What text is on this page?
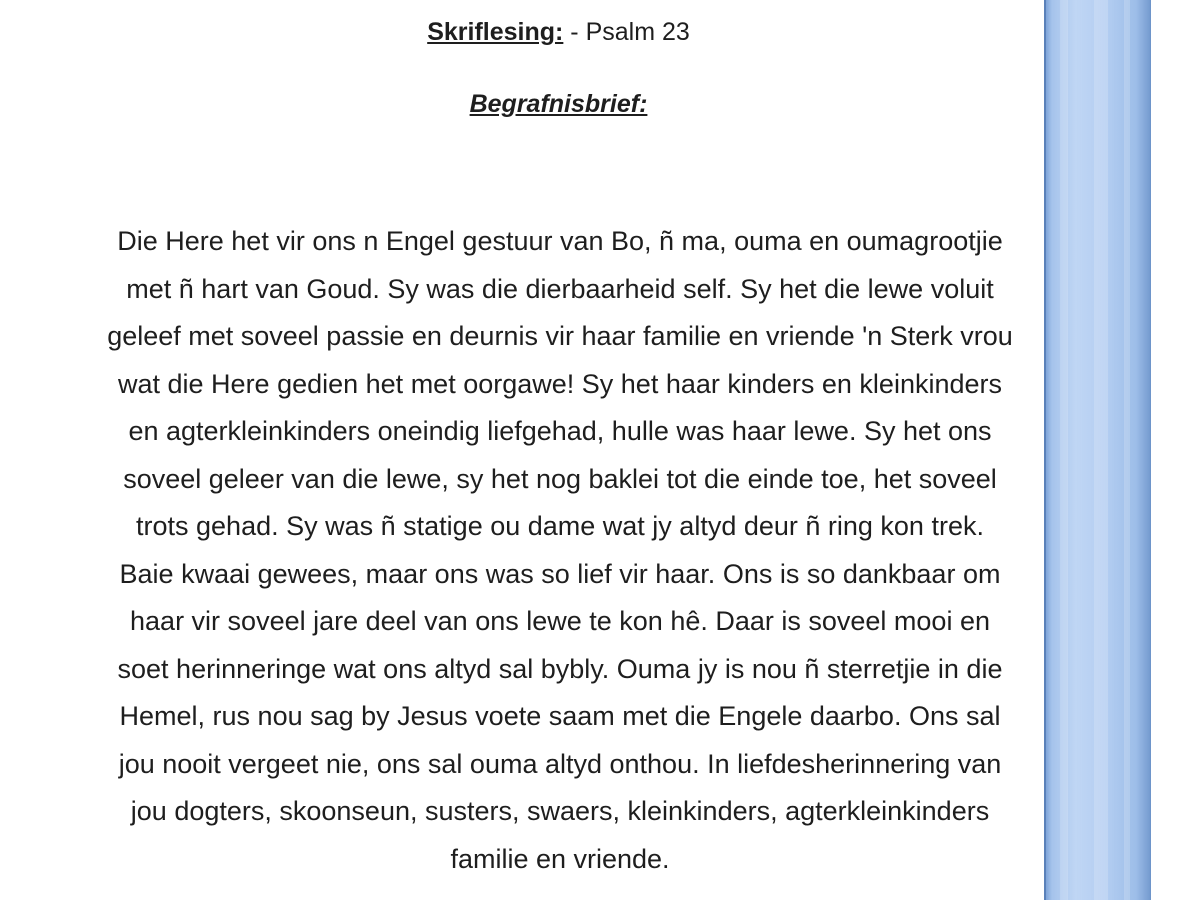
Skriflesing: - Psalm 23
Begrafnisbrief:
Die Here het vir ons n Engel gestuur van Bo, ñ ma, ouma en oumagrootjie
met ñ hart van Goud. Sy was die dierbaarheid self. Sy het die lewe voluit
geleef met soveel passie en deurnis vir haar familie en vriende 'n Sterk vrou
wat die Here gedien het met oorgawe! Sy het haar kinders en kleinkinders
en agterkleinkinders oneindig liefgehad, hulle was haar lewe. Sy het ons
soveel geleer van die lewe, sy het nog baklei tot die einde toe, het soveel
trots gehad. Sy was ñ statige ou dame wat jy altyd deur ñ ring kon trek.
Baie kwaai gewees, maar ons was so lief vir haar. Ons is so dankbaar om
haar vir soveel jare deel van ons lewe te kon hê. Daar is soveel mooi en
soet herinneringe wat ons altyd sal bybly. Ouma jy is nou ñ sterretjie in die
Hemel, rus nou sag by Jesus voete saam met die Engele daarbo. Ons sal
jou nooit vergeet nie, ons sal ouma altyd onthou. In liefdesherinnering van
jou dogters, skoonseun, susters, swaers, kleinkinders, agterkleinkinders
familie en vriende.
